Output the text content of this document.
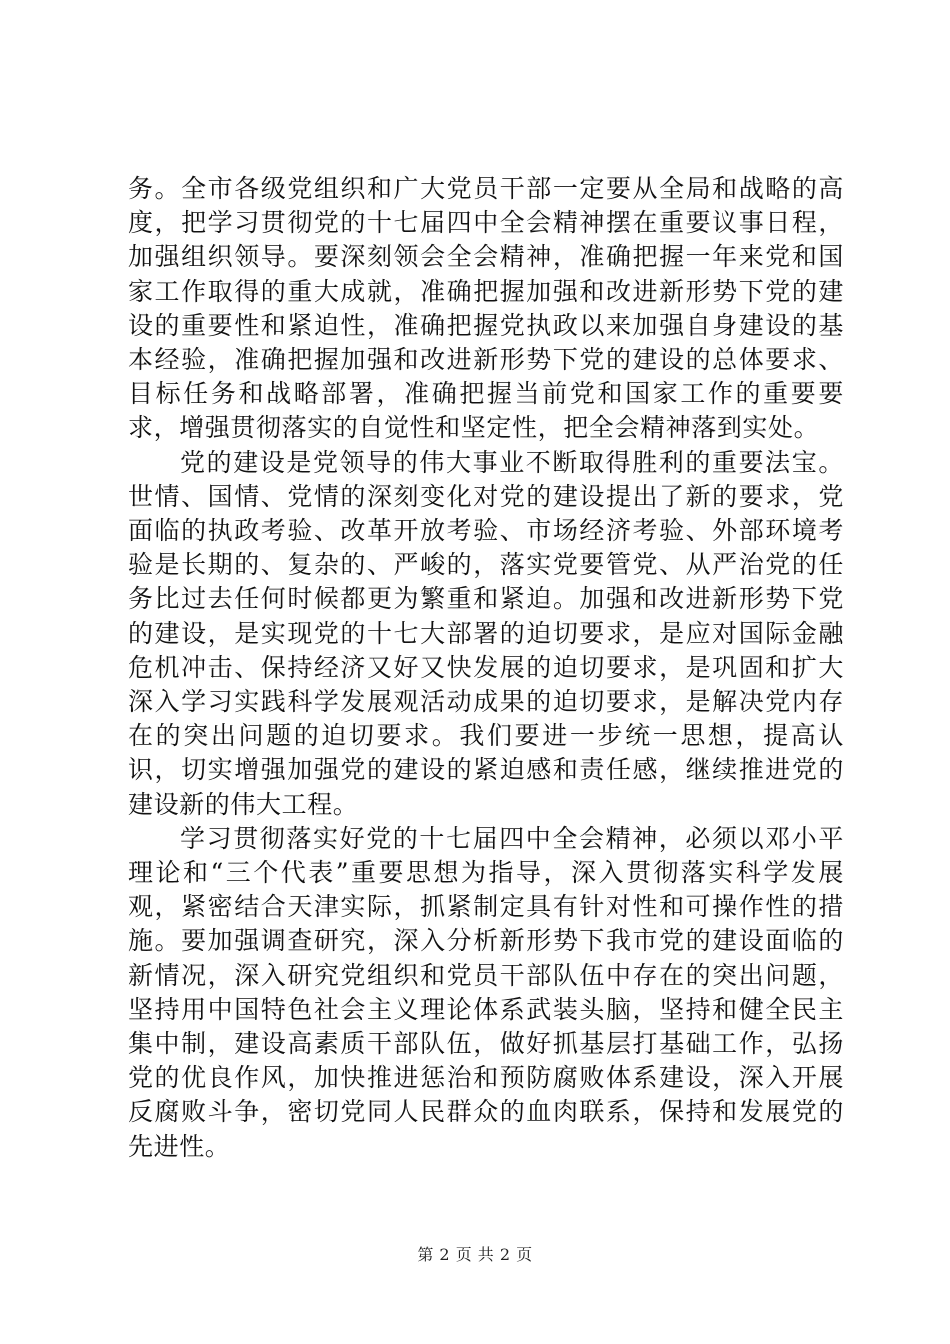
务。全市各级党组织和广大党员干部一定要从全局和战略的高度，把学习贯彻党的十七届四中全会精神摆在重要议事日程，加强组织领导。要深刻领会全会精神，准确把握一年来党和国家工作取得的重大成就，准确把握加强和改进新形势下党的建设的重要性和紧迫性，准确把握党执政以来加强自身建设的基本经验，准确把握加强和改进新形势下党的建设的总体要求、目标任务和战略部署，准确把握当前党和国家工作的重要要求，增强贯彻落实的自觉性和坚定性，把全会精神落到实处。

党的建设是党领导的伟大事业不断取得胜利的重要法宝。世情、国情、党情的深刻变化对党的建设提出了新的要求，党面临的执政考验、改革开放考验、市场经济考验、外部环境考验是长期的、复杂的、严峻的，落实党要管党、从严治党的任务比过去任何时候都更为繁重和紧迫。加强和改进新形势下党的建设，是实现党的十七大部署的迫切要求，是应对国际金融危机冲击、保持经济又好又快发展的迫切要求，是巩固和扩大深入学习实践科学发展观活动成果的迫切要求，是解决党内存在的突出问题的迫切要求。我们要进一步统一思想，提高认识，切实增强加强党的建设的紧迫感和责任感，继续推进党的建设新的伟大工程。

学习贯彻落实好党的十七届四中全会精神，必须以邓小平理论和“三个代表”重要思想为指导，深入贯彻落实科学发展观，紧密结合天津实际，抓紧制定具有针对性和可操作性的措施。要加强调查研究，深入分析新形势下我市党的建设面临的新情况，深入研究党组织和党员干部队伍中存在的突出问题，坚持用中国特色社会主义理论体系武装头脑，坚持和健全民主集中制，建设高素质干部队伍，做好抓基层打基础工作，弘扬党的优良作风，加快推进惩治和预防腐败体系建设，深入开展反腐败斗争，密切党同人民群众的血肉联系，保持和发展党的先进性。

第 2 页 共 2 页
